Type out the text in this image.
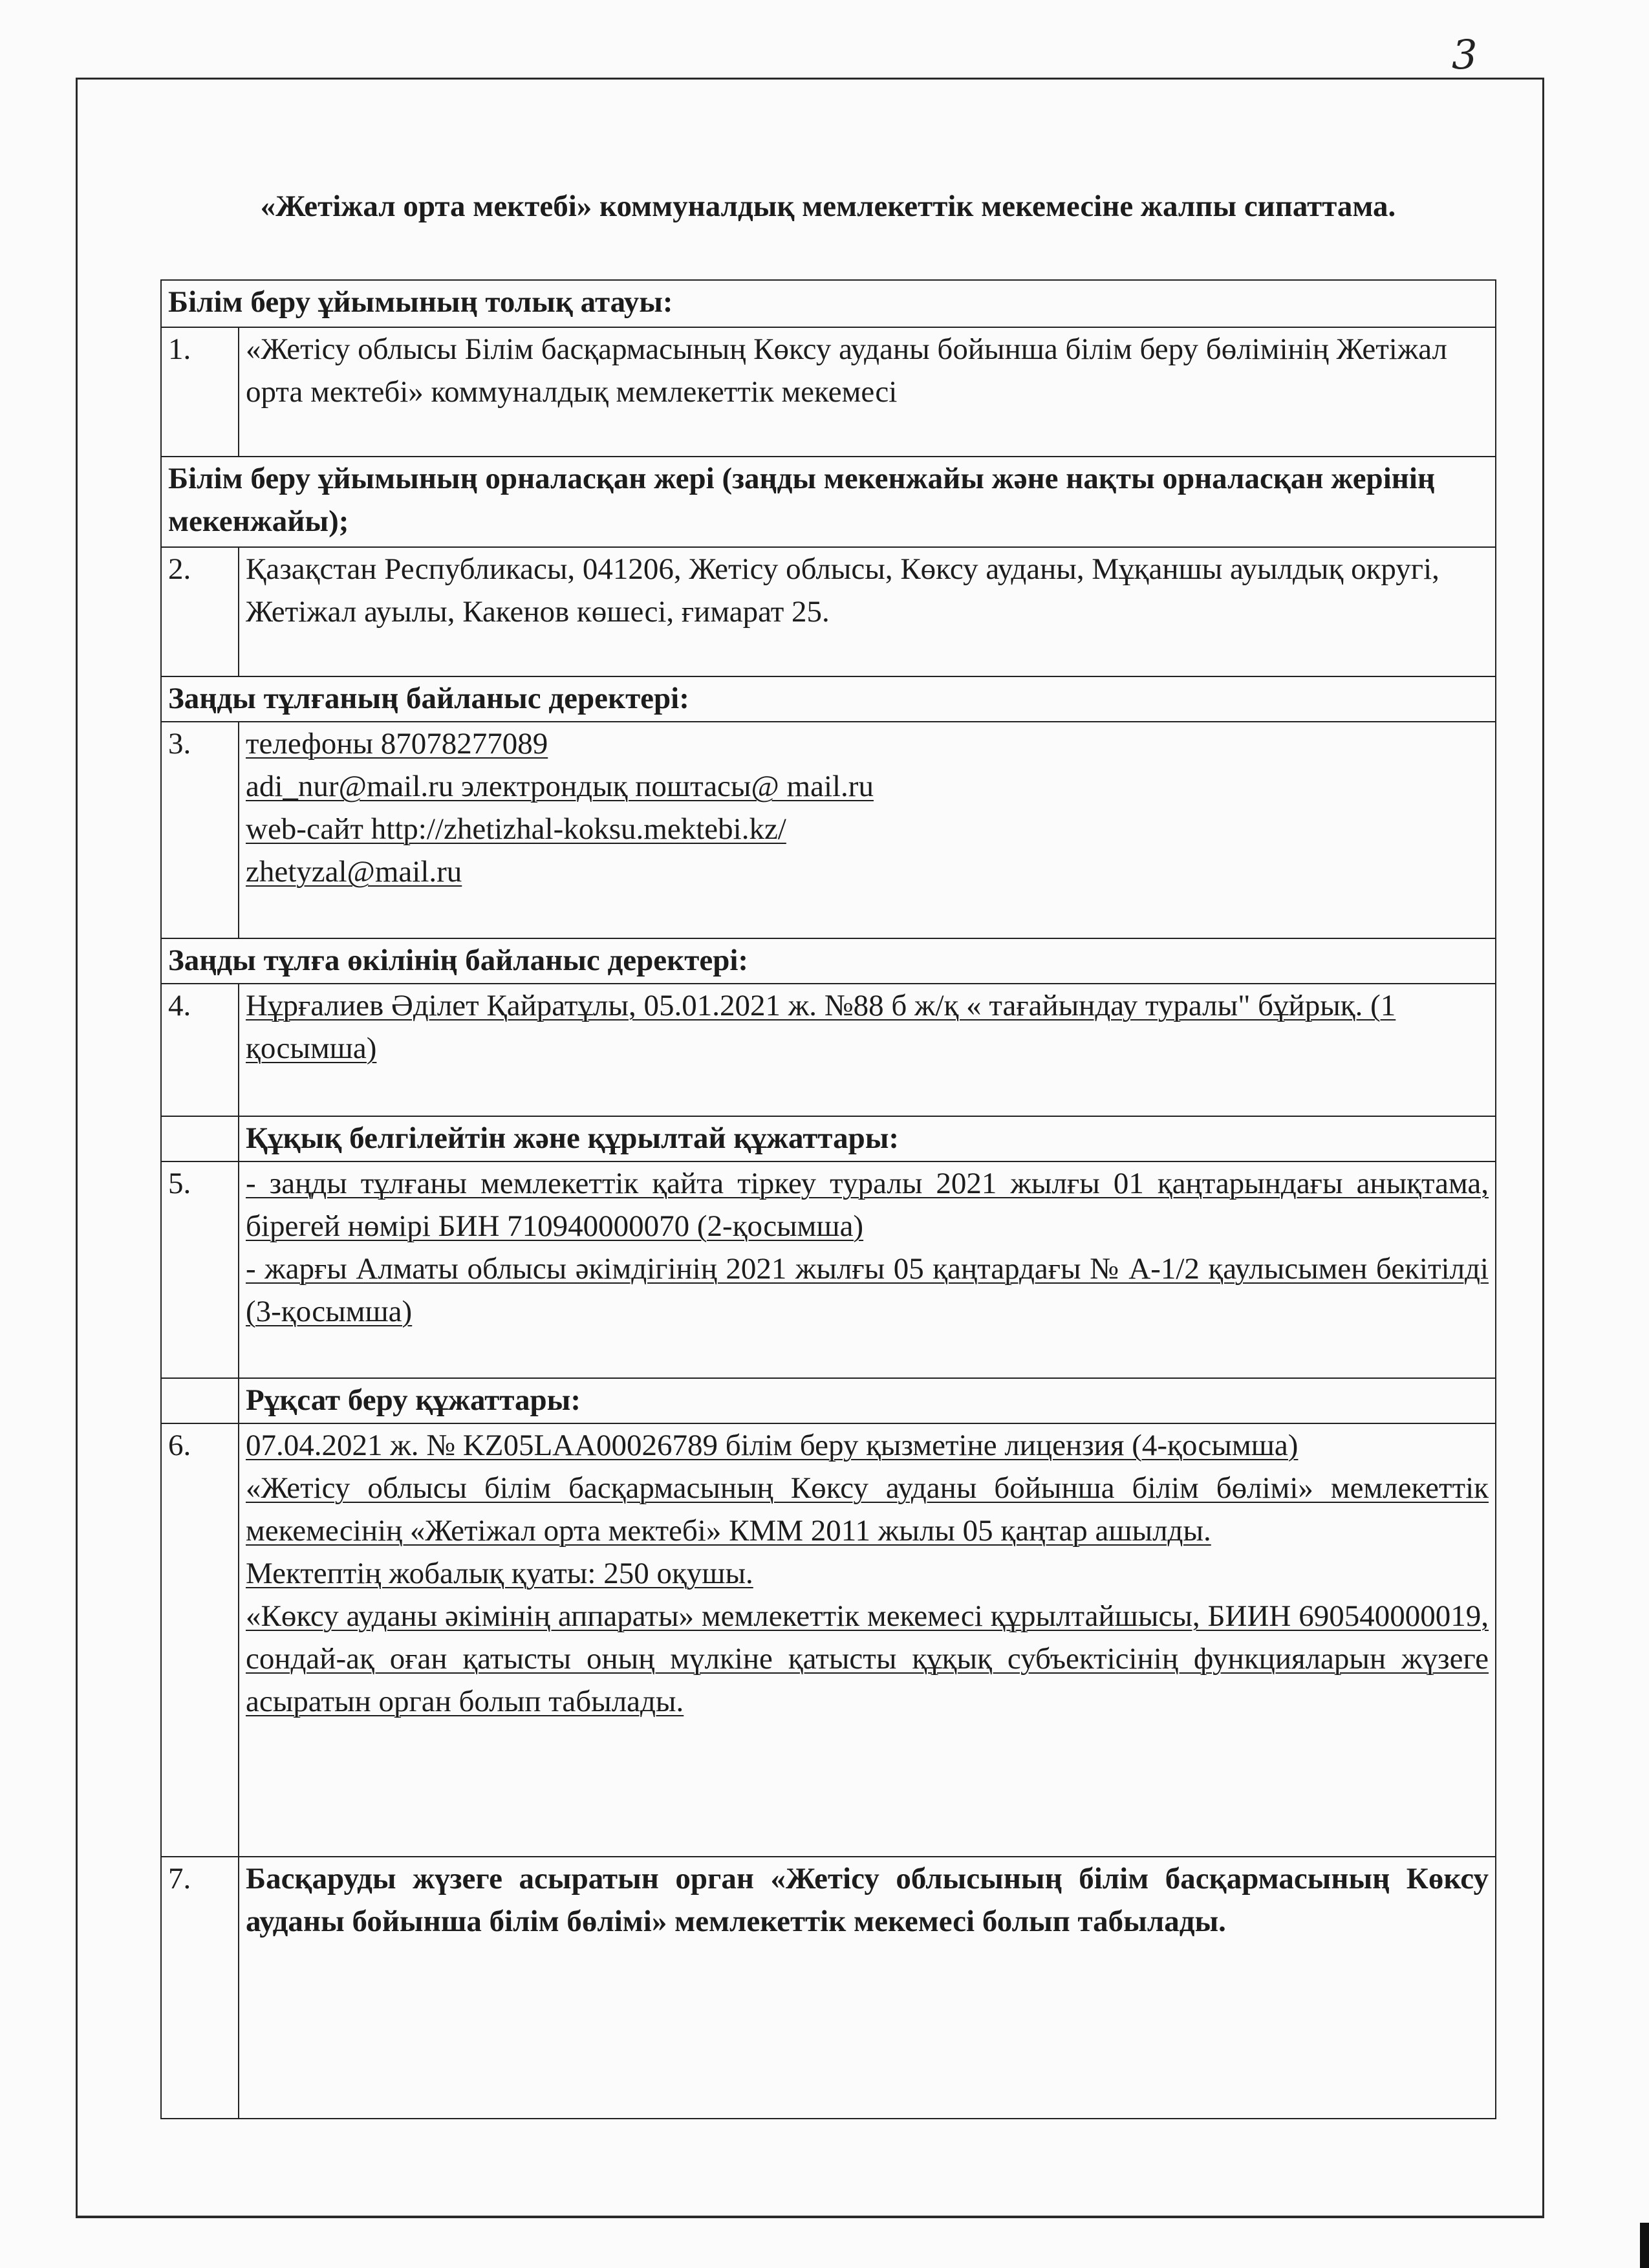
3
«Жетіжал орта мектебі» коммуналдық мемлекеттік мекемесіне жалпы сипаттама.
Білім беру ұйымының толық атауы:	
1.	«Жетісу облысы Білім басқармасының Көксу ауданы бойынша білім беру бөлімінің Жетіжал орта мектебі» коммуналдық мемлекеттік мекемесі

Білім беру ұйымының орналасқан жері (заңды мекенжайы және нақты орналасқан жерінің мекенжайы);	
2.	Қазақстан Республикасы, 041206, Жетісу облысы, Көксу ауданы, Мұқаншы ауылдық округі, Жетіжал ауылы, Какенов көшесі, ғимарат 25.

Заңды тұлғаның байланыс деректері:	
3.	телефоны 87078277089
adi_nur@mail.ru электрондық поштасы@ mail.ru
web-сайт http://zhetizhal-koksu.mektebi.kz/
zhetyzal@mail.ru

Заңды тұлға өкілінің байланыс деректері:	
4.	Нұрғалиев Әділет Қайратұлы, 05.01.2021 ж. №88 б ж/қ « тағайындау туралы" бұйрық. (1 қосымша)

	Құқық белгілейтін және құрылтай құжаттары:
5.	- заңды тұлғаны мемлекеттік қайта тіркеу туралы 2021 жылғы 01 қаңтарындағы анықтама, бірегей нөмірі БИН 710940000070 (2-қосымша)
- жарғы Алматы облысы әкімдігінің 2021 жылғы 05 қаңтардағы № А-1/2 қаулысымен бекітілді (3-қосымша)

	Рұқсат беру құжаттары:
6.	07.04.2021 ж. № KZ05LAA00026789 білім беру қызметіне лицензия (4-қосымша)
«Жетісу облысы білім басқармасының Көксу ауданы бойынша білім бөлімі» мемлекеттік мекемесінің «Жетіжал орта мектебі» КММ 2011 жылы 05 қаңтар ашылды.
Мектептің жобалық қуаты: 250 оқушы.
«Көксу ауданы әкімінің аппараты» мемлекеттік мекемесі құрылтайшысы, БИИН 690540000019, сондай-ақ оған қатысты оның мүлкіне қатысты құқық субъектісінің функцияларын жүзеге асыратын орган болып табылады.

7.	Басқаруды жүзеге асыратын орган «Жетісу облысының білім басқармасының Көксу ауданы бойынша білім бөлімі» мемлекеттік мекемесі болып табылады.
